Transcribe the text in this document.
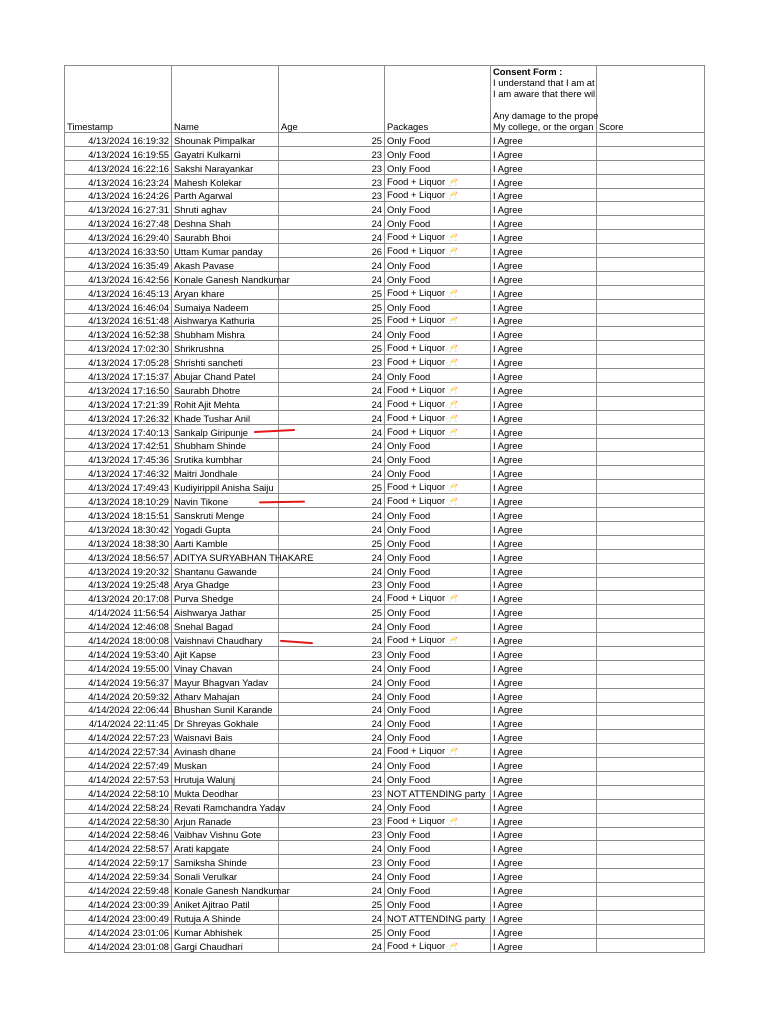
Timestamp	Name	Age	Packages	Consent Form :
I understand that I am at
I am aware that there wil
Any damage to the prope
My college, or the organ	Score
4/13/2024 16:19:32	Shounak Pimpalkar	25	Only Food	I Agree	
4/13/2024 16:19:55	Gayatri Kulkarni	23	Only Food	I Agree	
4/13/2024 16:22:16	Sakshi Narayankar	23	Only Food	I Agree	
4/13/2024 16:23:24	Mahesh Kolekar	23	Food + Liquor 🥂	I Agree	
4/13/2024 16:24:26	Parth Agarwal	23	Food + Liquor 🥂	I Agree	
4/13/2024 16:27:31	Shruti aghav	24	Only Food	I Agree	
4/13/2024 16:27:48	Deshna Shah	24	Only Food	I Agree	
4/13/2024 16:29:40	Saurabh Bhoi	24	Food + Liquor 🥂	I Agree	
4/13/2024 16:33:50	Uttam Kumar panday	26	Food + Liquor 🥂	I Agree	
4/13/2024 16:35:49	Akash Pavase	24	Only Food	I Agree	
4/13/2024 16:42:56	Konale Ganesh Nandkumar	24	Only Food	I Agree	
4/13/2024 16:45:13	Aryan khare	25	Food + Liquor 🥂	I Agree	
4/13/2024 16:46:04	Sumaiya Nadeem	25	Only Food	I Agree	
4/13/2024 16:51:48	Aishwarya Kathuria	25	Food + Liquor 🥂	I Agree	
4/13/2024 16:52:38	Shubham Mishra	24	Only Food	I Agree	
4/13/2024 17:02:30	Shrikrushna	25	Food + Liquor 🥂	I Agree	
4/13/2024 17:05:28	Shrishti sancheti	23	Food + Liquor 🥂	I Agree	
4/13/2024 17:15:37	Abujar Chand Patel	24	Only Food	I Agree	
4/13/2024 17:16:50	Saurabh Dhotre	24	Food + Liquor 🥂	I Agree	
4/13/2024 17:21:39	Rohit Ajit Mehta	24	Food + Liquor 🥂	I Agree	
4/13/2024 17:26:32	Khade Tushar Anil	24	Food + Liquor 🥂	I Agree	
4/13/2024 17:40:13	Sankalp Giripunje	24	Food + Liquor 🥂	I Agree	
4/13/2024 17:42:51	Shubham Shinde	24	Only Food	I Agree	
4/13/2024 17:45:36	Srutika kumbhar	24	Only Food	I Agree	
4/13/2024 17:46:32	Maitri Jondhale	24	Only Food	I Agree	
4/13/2024 17:49:43	Kudiyirippil Anisha Saiju	25	Food + Liquor 🥂	I Agree	
4/13/2024 18:10:29	Navin Tikone	24	Food + Liquor 🥂	I Agree	
4/13/2024 18:15:51	Sanskruti Menge	24	Only Food	I Agree	
4/13/2024 18:30:42	Yogadi Gupta	24	Only Food	I Agree	
4/13/2024 18:38:30	Aarti Kamble	25	Only Food	I Agree	
4/13/2024 18:56:57	ADITYA SURYABHAN THAKARE	24	Only Food	I Agree	
4/13/2024 19:20:32	Shantanu Gawande	24	Only Food	I Agree	
4/13/2024 19:25:48	Arya Ghadge	23	Only Food	I Agree	
4/13/2024 20:17:08	Purva Shedge	24	Food + Liquor 🥂	I Agree	
4/14/2024 11:56:54	Aishwarya Jathar	25	Only Food	I Agree	
4/14/2024 12:46:08	Snehal Bagad	24	Only Food	I Agree	
4/14/2024 18:00:08	Vaishnavi Chaudhary	24	Food + Liquor 🥂	I Agree	
4/14/2024 19:53:40	Ajit Kapse	23	Only Food	I Agree	
4/14/2024 19:55:00	Vinay Chavan	24	Only Food	I Agree	
4/14/2024 19:56:37	Mayur Bhagvan Yadav	24	Only Food	I Agree	
4/14/2024 20:59:32	Atharv Mahajan	24	Only Food	I Agree	
4/14/2024 22:06:44	Bhushan Sunil Karande	24	Only Food	I Agree	
4/14/2024 22:11:45	Dr Shreyas Gokhale	24	Only Food	I Agree	
4/14/2024 22:57:23	Waisnavi Bais	24	Only Food	I Agree	
4/14/2024 22:57:34	Avinash dhane	24	Food + Liquor 🥂	I Agree	
4/14/2024 22:57:49	Muskan	24	Only Food	I Agree	
4/14/2024 22:57:53	Hrutuja Walunj	24	Only Food	I Agree	
4/14/2024 22:58:10	Mukta Deodhar	23	NOT ATTENDING party	I Agree	
4/14/2024 22:58:24	Revati Ramchandra Yadav	24	Only Food	I Agree	
4/14/2024 22:58:30	Arjun Ranade	23	Food + Liquor 🥂	I Agree	
4/14/2024 22:58:46	Vaibhav Vishnu Gote	23	Only Food	I Agree	
4/14/2024 22:58:57	Arati kapgate	24	Only Food	I Agree	
4/14/2024 22:59:17	Samiksha Shinde	23	Only Food	I Agree	
4/14/2024 22:59:34	Sonali Verulkar	24	Only Food	I Agree	
4/14/2024 22:59:48	Konale Ganesh Nandkumar	24	Only Food	I Agree	
4/14/2024 23:00:39	Aniket Ajitrao Patil	25	Only Food	I Agree	
4/14/2024 23:00:49	Rutuja A Shinde	24	NOT ATTENDING party	I Agree	
4/14/2024 23:01:06	Kumar Abhishek	25	Only Food	I Agree	
4/14/2024 23:01:08	Gargi Chaudhari	24	Food + Liquor 🥂	I Agree	
